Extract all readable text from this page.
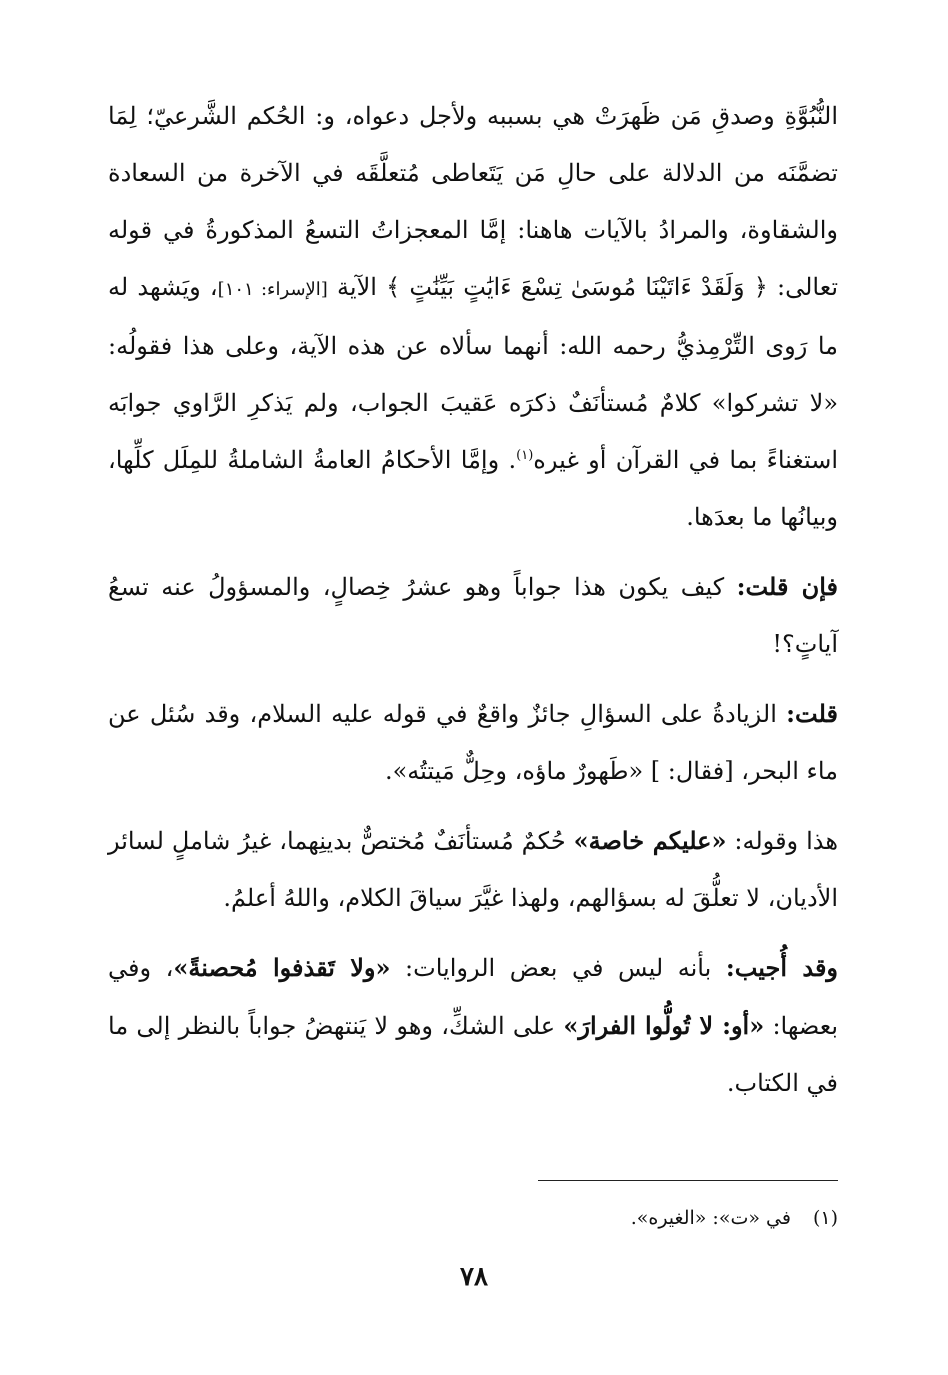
النُّبُوَّةِ وصدقِ مَن ظَهرَتْ هي بسببه ولأجل دعواه، و: الحُكم الشَّرعيّ؛ لِمَا تضمَّنَه من الدلالة على حالِ مَن يَتَعاطى مُتعلَّقَه في الآخرة من السعادة والشقاوة، والمرادُ بالآيات هاهنا: إمَّا المعجزاتُ التسعُ المذكورةُ في قوله تعالى: ﴿ وَلَقَدْ ءَاتَيْنَا مُوسَىٰ تِسْعَ ءَايَٰتٍ بَيِّنَٰتٍ ﴾ الآية [الإسراء: ١٠١]، ويَشهد له ما رَوى التِّرْمِذيُّ رحمه الله: أنهما سألاه عن هذه الآية، وعلى هذا فقولُه: «لا تشركوا» كلامٌ مُستأنَفٌ ذكرَه عَقيبَ الجواب، ولم يَذكرِ الرَّاوي جوابَه استغناءً بما في القرآن أو غيره$^{(١)}$. وإمَّا الأحكامُ العامةُ الشاملةُ للمِلَل كلِّها، وبيانُها ما بعدَها.

فإن قلت: كيف يكون هذا جواباً وهو عشرُ خِصالٍ، والمسؤولُ عنه تسعُ آياتٍ؟!

قلت: الزيادةُ على السؤالِ جائزٌ واقعٌ في قوله عليه السلام، وقد سُئل عن ماء البحر، [فقال: ] «طَهورٌ ماؤه، وحِلٌّ مَيتتُه».

هذا وقوله: «عليكم خاصة» حُكمٌ مُستأنَفٌ مُختصٌّ بدينِهما، غيرُ شاملٍ لسائر الأديان، لا تعلُّقَ له بسؤالهم، ولهذا غيَّرَ سياقَ الكلام، واللهُ أعلمُ.

وقد أُجيب: بأنه ليس في بعض الروايات: «ولا تَقذفوا مُحصنةً»، وفي بعضها: «أو: لا تُولُّوا الفرارَ» على الشكِّ، وهو لا يَنتهضُ جواباً بالنظر إلى ما في الكتاب.

(١)في «ت»: «الغيره».
٧٨
